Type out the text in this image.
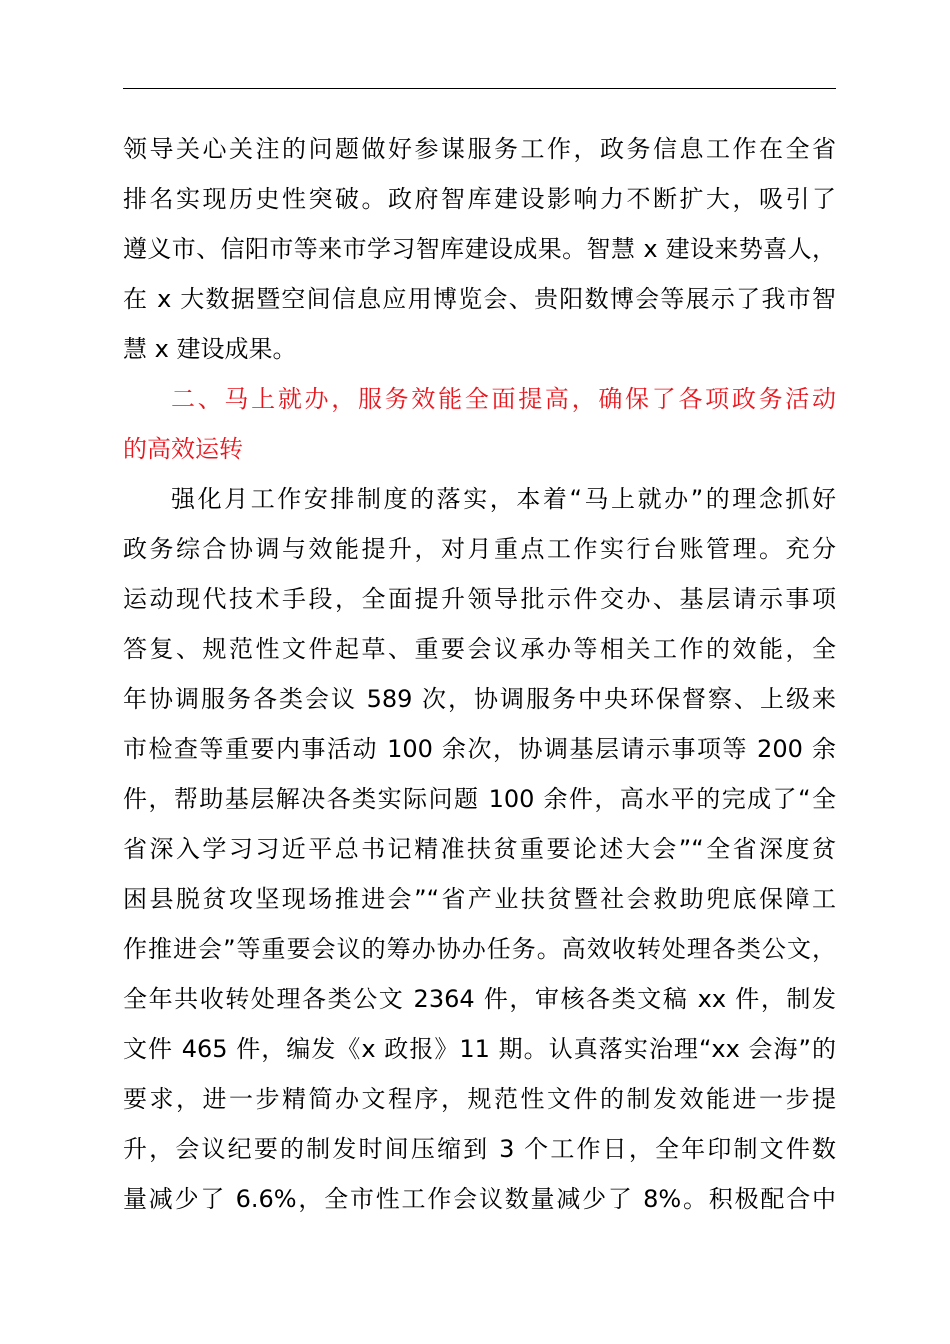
领导关心关注的问题做好参谋服务工作，政务信息工作在全省
排名实现历史性突破。政府智库建设影响力不断扩大，吸引了
遵义市、信阳市等来市学习智库建设成果。智慧 x 建设来势喜人，
在 x 大数据暨空间信息应用博览会、贵阳数博会等展示了我市智
慧 x 建设成果。
二、马上就办，服务效能全面提高，确保了各项政务活动
的高效运转
强化月工作安排制度的落实，本着“马上就办”的理念抓好
政务综合协调与效能提升，对月重点工作实行台账管理。充分
运动现代技术手段，全面提升领导批示件交办、基层请示事项
答复、规范性文件起草、重要会议承办等相关工作的效能，全
年协调服务各类会议 589 次，协调服务中央环保督察、上级来
市检查等重要内事活动 100 余次，协调基层请示事项等 200 余
件，帮助基层解决各类实际问题 100 余件，高水平的完成了“全
省深入学习习近平总书记精准扶贫重要论述大会”“全省深度贫
困县脱贫攻坚现场推进会”“省产业扶贫暨社会救助兜底保障工
作推进会”等重要会议的筹办协办任务。高效收转处理各类公文，
全年共收转处理各类公文 2364 件，审核各类文稿 xx 件，制发
文件 465 件，编发《x 政报》11 期。认真落实治理“xx 会海”的
要求，进一步精简办文程序，规范性文件的制发效能进一步提
升，会议纪要的制发时间压缩到 3 个工作日，全年印制文件数
量减少了 6.6%，全市性工作会议数量减少了 8%。积极配合中
